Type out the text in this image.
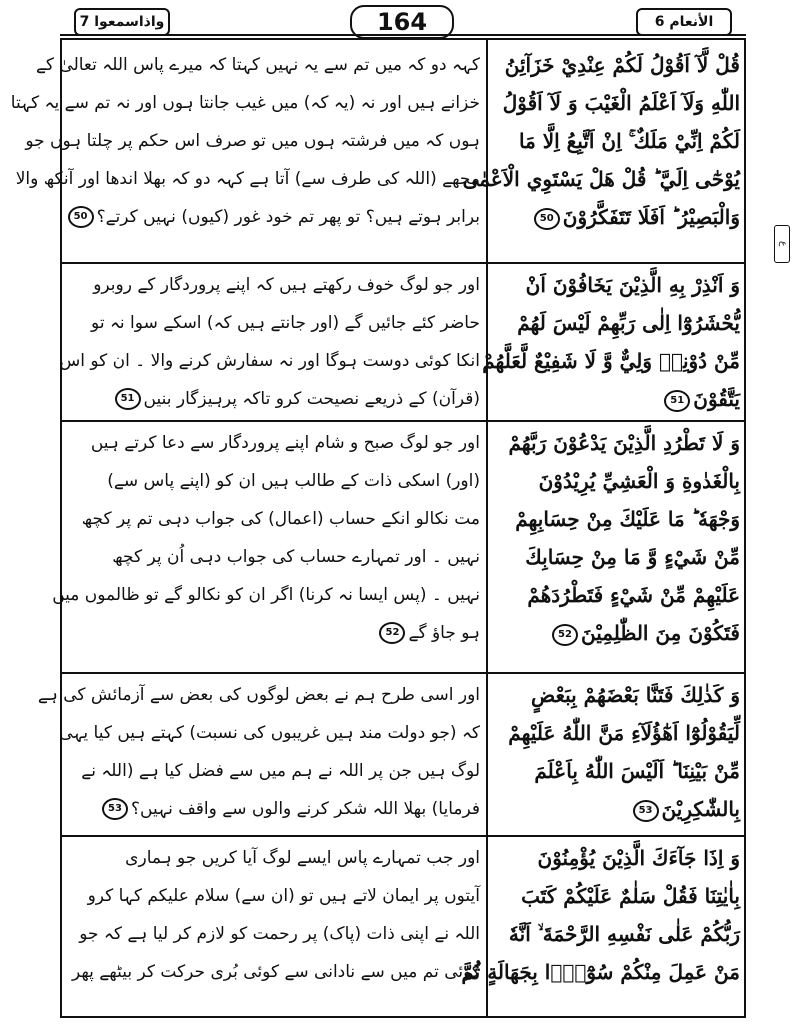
واذاسمعوا 7	164	الأنعام 6
ع
قُلْ لَّآ اَقُوْلُ لَكُمْ عِنْدِيْ خَزَآئِنُ
اللّٰهِ وَلَآ اَعْلَمُ الْغَيْبَ وَ لَآ اَقُوْلُ
لَكُمْ اِنِّيْ مَلَكٌ ۚ اِنْ اَتَّبِعُ اِلَّا مَا
يُوْحٰٓى اِلَيَّ ؕ قُلْ هَلْ يَسْتَوِي الْاَعْمٰى
وَالْبَصِيْرُ ؕ اَفَلَا تَتَفَكَّرُوْنَ50
کہہ دو کہ میں تم سے یہ نہیں کہتا کہ میرے پاس اللہ تعالیٰ کے
خزانے ہیں اور نہ (یہ کہ) میں غیب جانتا ہوں اور نہ تم سے یہ کہتا
ہوں کہ میں فرشتہ ہوں میں تو صرف اس حکم پر چلتا ہوں جو
مجھے (اللہ کی طرف سے) آتا ہے کہہ دو کہ بھلا اندھا اور آنکھ والا
برابر ہوتے ہیں؟ تو پھر تم خود غور (کیوں) نہیں کرتے؟50
وَ اَنْذِرْ بِهِ الَّذِيْنَ يَخَافُوْنَ اَنْ
يُّحْشَرُوْٓا اِلٰى رَبِّهِمْ لَيْسَ لَهُمْ
مِّنْ دُوْنِهٖ وَلِيٌّ وَّ لَا شَفِيْعٌ لَّعَلَّهُمْ
يَتَّقُوْنَ51
اور جو لوگ خوف رکھتے ہیں کہ اپنے پروردگار کے روبرو
حاضر کئے جائیں گے (اور جانتے ہیں کہ) اسکے سوا نہ تو
انکا کوئی دوست ہوگا اور نہ سفارش کرنے والا ۔ ان کو اس
(قرآن) کے ذریعے نصیحت کرو تاکہ پرہیزگار بنیں51
وَ لَا تَطْرُدِ الَّذِيْنَ يَدْعُوْنَ رَبَّهُمْ
بِالْغَدٰوةِ وَ الْعَشِيِّ يُرِيْدُوْنَ
وَجْهَهٗ ؕ مَا عَلَيْكَ مِنْ حِسَابِهِمْ
مِّنْ شَيْءٍ وَّ مَا مِنْ حِسَابِكَ
عَلَيْهِمْ مِّنْ شَيْءٍ فَتَطْرُدَهُمْ
فَتَكُوْنَ مِنَ الظّٰلِمِيْنَ52
اور جو لوگ صبح و شام اپنے پروردگار سے دعا کرتے ہیں
(اور) اسکی ذات کے طالب ہیں ان کو (اپنے پاس سے)
مت نکالو انکے حساب (اعمال) کی جواب دہی تم پر کچھ
نہیں ۔ اور تمہارے حساب کی جواب دہی اُن پر کچھ
نہیں ۔ (پس ایسا نہ کرنا) اگر ان کو نکالو گے تو ظالموں میں
ہو جاؤ گے52
وَ كَذٰلِكَ فَتَنَّا بَعْضَهُمْ بِبَعْضٍ
لِّيَقُوْلُوْٓا اَهٰٓؤُلَآءِ مَنَّ اللّٰهُ عَلَيْهِمْ
مِّنْ بَيْنِنَا ؕ اَلَيْسَ اللّٰهُ بِاَعْلَمَ
بِالشّٰكِرِيْنَ53
اور اسی طرح ہم نے بعض لوگوں کی بعض سے آزمائش کی ہے
کہ (جو دولت مند ہیں غریبوں کی نسبت) کہتے ہیں کیا یہی
لوگ ہیں جن پر اللہ نے ہم میں سے فضل کیا ہے (اللہ نے
فرمایا) بھلا اللہ شکر کرنے والوں سے واقف نہیں؟53
وَ اِذَا جَآءَكَ الَّذِيْنَ يُؤْمِنُوْنَ
بِاٰيٰتِنَا فَقُلْ سَلٰمٌ عَلَيْكُمْ كَتَبَ
رَبُّكُمْ عَلٰى نَفْسِهِ الرَّحْمَةَ ۙ اَنَّهٗ
مَنْ عَمِلَ مِنْكُمْ سُوْٓءًۢا بِجَهَالَةٍ ثُمَّ
اور جب تمہارے پاس ایسے لوگ آیا کریں جو ہماری
آیتوں پر ایمان لاتے ہیں تو (ان سے) سلام علیکم کہا کرو
اللہ نے اپنی ذات (پاک) پر رحمت کو لازم کر لیا ہے کہ جو
کوئی تم میں سے نادانی سے کوئی بُری حرکت کر بیٹھے پھر
